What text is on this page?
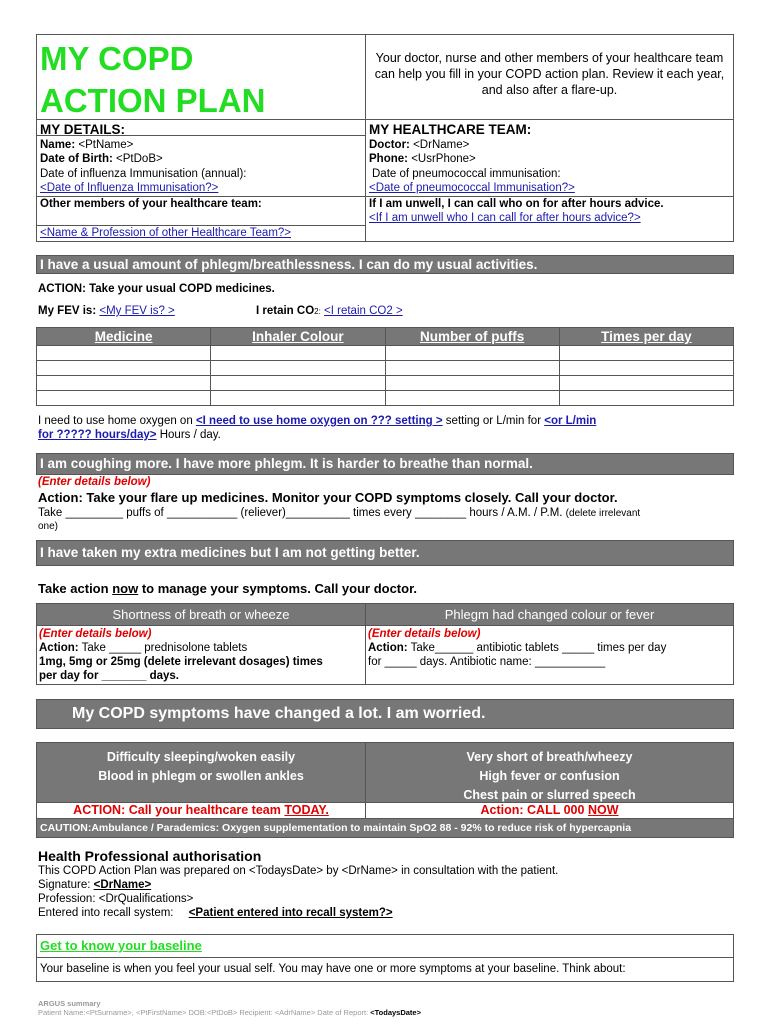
MY COPD
ACTION PLAN
Your doctor, nurse and other members of your healthcare team can help you fill in your COPD action plan. Review it each year, and also after a flare-up.
MY DETAILS:
Name: <PtName>
Date of Birth: <PtDoB>
Date of influenza Immunisation (annual):
<Date of Influenza Immunisation?>
Other members of your healthcare team:
<Name & Profession of other Healthcare Team?>
MY HEALTHCARE TEAM:
Doctor: <DrName>
Phone: <UsrPhone>
Date of pneumococcal immunisation:
<Date of pneumococcal Immunisation?>
If I am unwell, I can call who on for after hours advice.
<If I am unwell who I can call for after hours advice?>
I have a usual amount of phlegm/breathlessness. I can do my usual activities.
ACTION: Take your usual COPD medicines.
My FEV is: <My FEV is? >	I retain CO2: <I retain CO2 >
Medicine	Inhaler Colour	Number of puffs	Times per day

I need to use home oxygen on <I need to use home oxygen on ??? setting > setting or L/min for <or L/min
for ????? hours/day> Hours / day.
I am coughing more. I have more phlegm. It is harder to breathe than normal.
(Enter details below)
Action: Take your flare up medicines. Monitor your COPD symptoms closely. Call your doctor.
Take _________ puffs of ___________ (reliever)__________ times every ________ hours / A.M. / P.M. (delete irrelevant
one)
I have taken my extra medicines but I am not getting better.
Take action now to manage your symptoms. Call your doctor.
Shortness of breath or wheeze	Phlegm had changed colour or fever
(Enter details below)
Action: Take _____ prednisolone tablets
1mg, 5mg or 25mg (delete irrelevant dosages) times
per day for _______ days.
(Enter details below)
Action: Take______ antibiotic tablets _____ times per day
for _____ days. Antibiotic name: ___________
My COPD symptoms have changed a lot. I am worried.
Difficulty sleeping/woken easily
Blood in phlegm or swollen ankles
Very short of breath/wheezy
High fever or confusion
Chest pain or slurred speech
ACTION: Call your healthcare team TODAY.	Action: CALL 000 NOW
CAUTION:Ambulance / Parademics: Oxygen supplementation to maintain SpO2 88 - 92% to reduce risk of hypercapnia
Health Professional authorisation
This COPD Action Plan was prepared on <TodaysDate> by <DrName> in consultation with the patient.
Signature: <DrName>
Profession: <DrQualifications>
Entered into recall system: <Patient entered into recall system?>
Get to know your baseline
Your baseline is when you feel your usual self. You may have one or more symptoms at your baseline. Think about:
ARGUS summary
Patient Name:<PtSurname>, <PtFirstName> DOB:<PtDoB> Recipient: <AdrName> Date of Report: <TodaysDate>
